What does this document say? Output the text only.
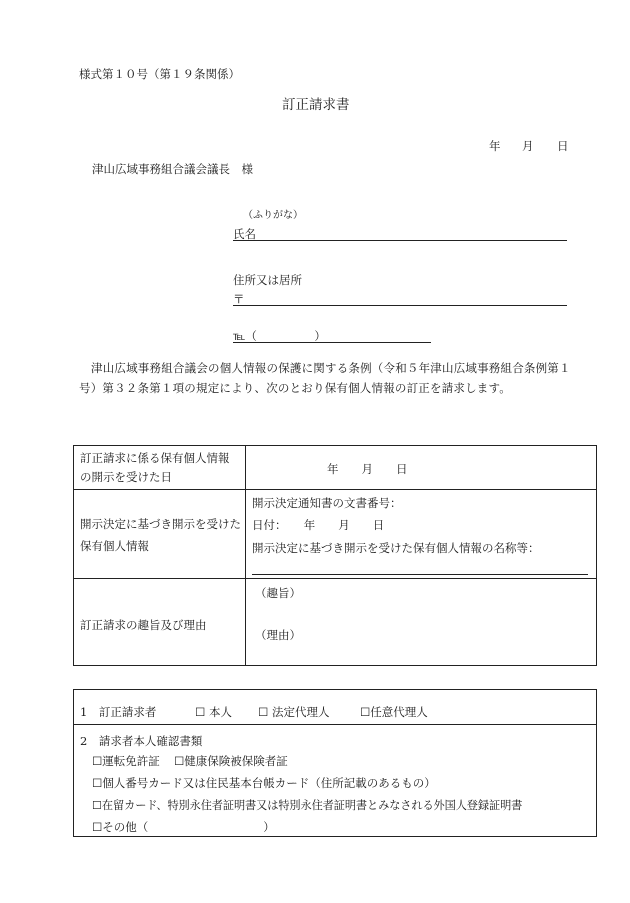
様式第１０号（第１９条関係）
訂正請求書
年 月 日
津山広域事務組合議会議長　様
（ふりがな）
氏名
住所又は居所
〒
℡（　　　　　）
津山広域事務組合議会の個人情報の保護に関する条例（令和５年津山広域事務組合条例第１号）第３２条第１項の規定により、次のとおり保有個人情報の訂正を請求します。
訂正請求に係る保有個人情報の開示を受けた日
年　　月　　日
開示決定に基づき開示を受けた保有個人情報
開示決定通知書の文書番号：
日付：　　年　　月　　日
開示決定に基づき開示を受けた保有個人情報の名称等：
訂正請求の趣旨及び理由
（趣旨）
（理由）
1　訂正請求者	☐ 本人 ☐ 法定代理人	☐任意代理人
2　請求者本人確認書類
☐運転免許証 ☐健康保険被保険者証
☐個人番号カード又は住民基本台帳カード（住所記載のあるもの）
☐在留カード、特別永住者証明書又は特別永住者証明書とみなされる外国人登録証明書
☐その他（　　　　　　　　　　）
